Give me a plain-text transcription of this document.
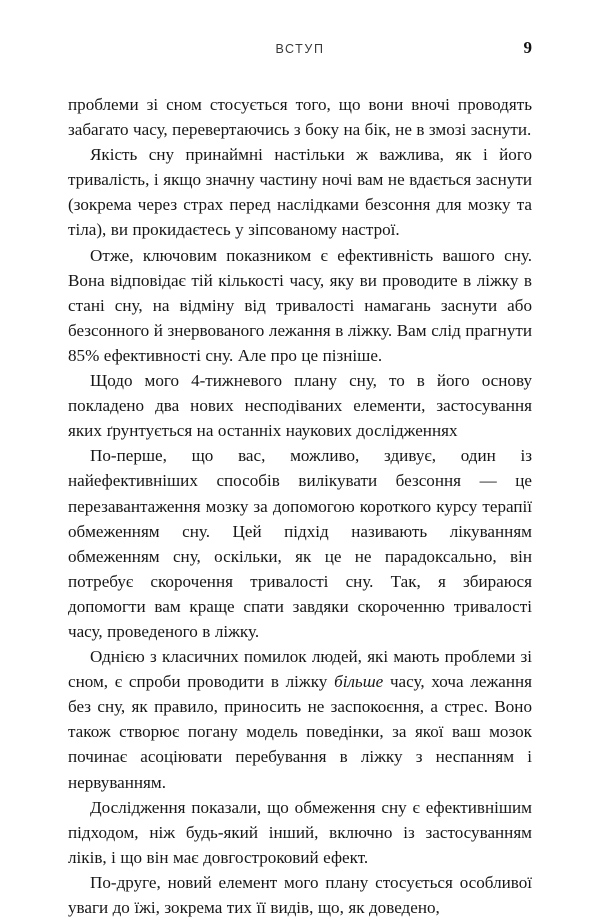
ВСТУП	9

проблеми зі сном стосується того, що вони вночі проводять забагато часу, перевертаючись з боку на бік, не в змозі заснути.

Якість сну принаймні настільки ж важлива, як і його тривалість, і якщо значну частину ночі вам не вдається заснути (зокрема через страх перед наслідками безсоння для мозку та тіла), ви прокидаєтесь у зіпсованому настрої.

Отже, ключовим показником є ефективність вашого сну. Вона відповідає тій кількості часу, яку ви проводите в ліжку в стані сну, на відміну від тривалості намагань заснути або безсонного й знервованого лежання в ліжку. Вам слід прагнути 85% ефективності сну. Але про це пізніше.

Щодо мого 4-тижневого плану сну, то в його основу покладено два нових несподіваних елементи, застосування яких ґрунтується на останніх наукових дослідженнях

По-перше, що вас, можливо, здивує, один із найефективніших способів вилікувати безсоння — це перезавантаження мозку за допомогою короткого курсу терапії обмеженням сну. Цей підхід називають лікуванням обмеженням сну, оскільки, як це не парадоксально, він потребує скорочення тривалості сну. Так, я збираюся допомогти вам краще спати завдяки скороченню тривалості часу, проведеного в ліжку.

Однією з класичних помилок людей, які мають проблеми зі сном, є спроби проводити в ліжку більше часу, хоча лежання без сну, як правило, приносить не заспокоєння, а стрес. Воно також створює погану модель поведінки, за якої ваш мозок починає асоціювати перебування в ліжку з неспанням і нервуванням.

Дослідження показали, що обмеження сну є ефективнішим підходом, ніж будь-який інший, включно із застосуванням ліків, і що він має довгостроковий ефект.

По-друге, новий елемент мого плану стосується особливої уваги до їжі, зокрема тих її видів, що, як доведено,
